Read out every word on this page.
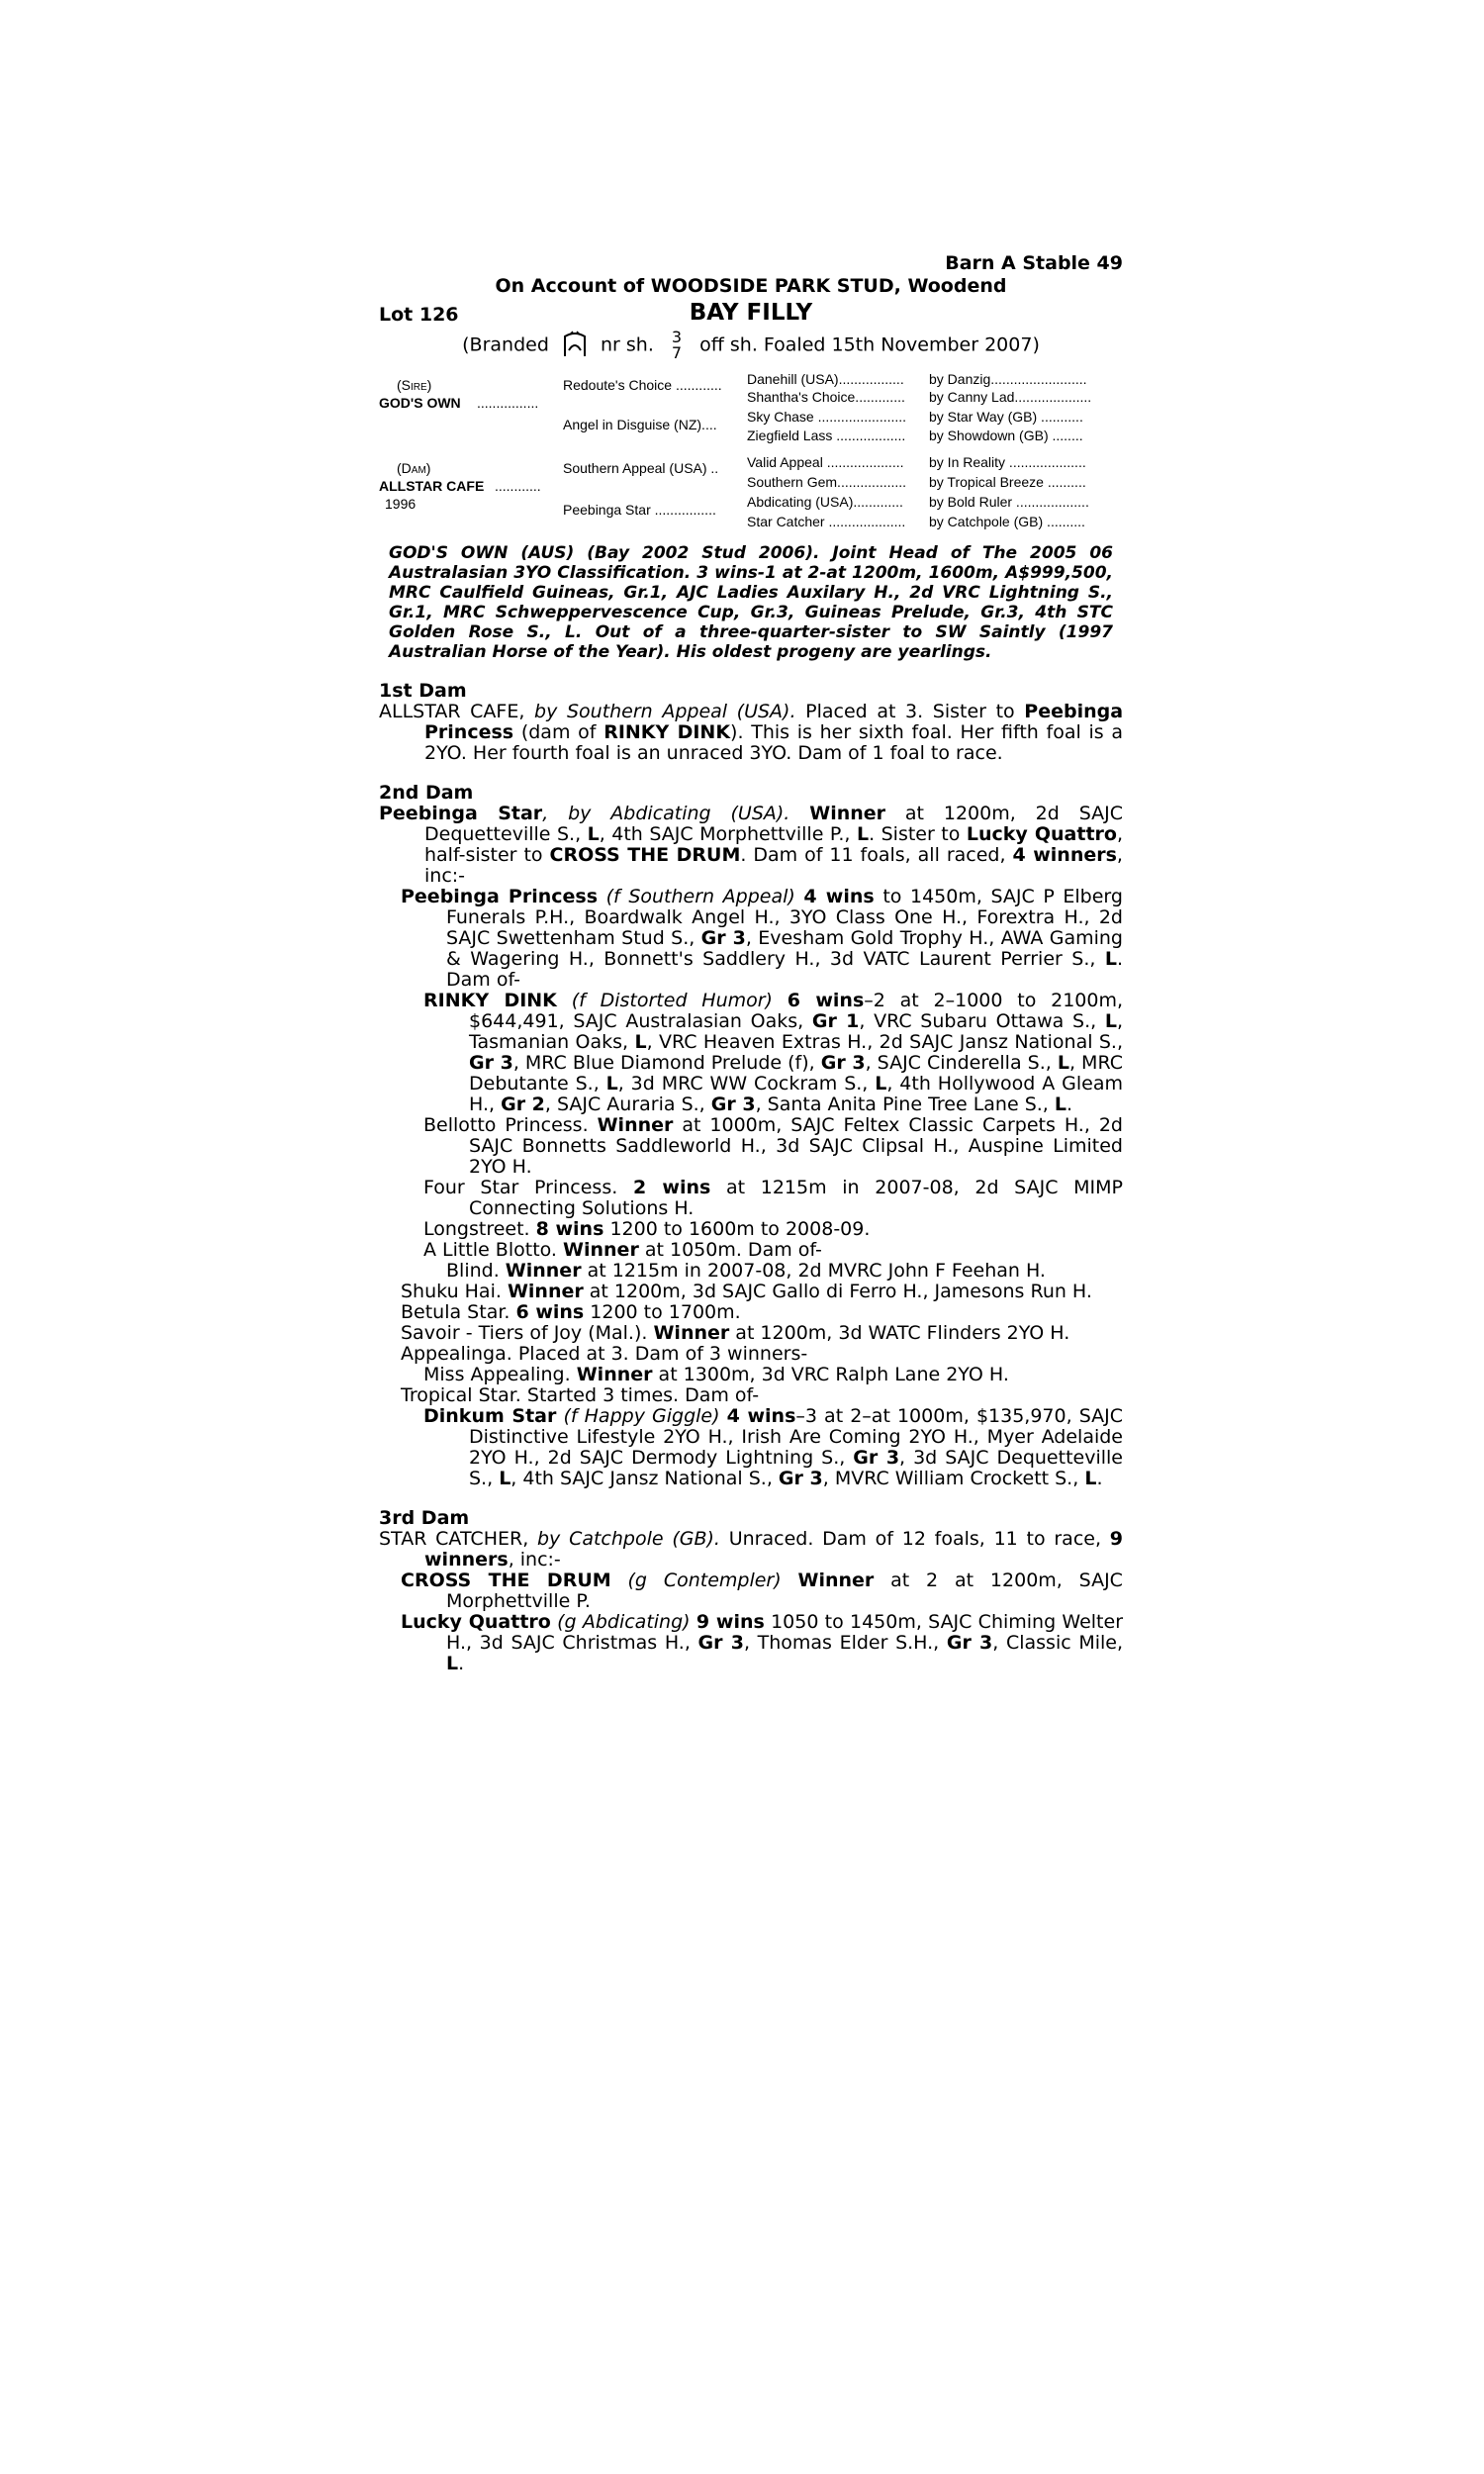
Barn A Stable 49
On Account of WOODSIDE PARK STUD, Woodend
Lot 126	BAY FILLY
(Branded	nr sh. 3
7 off sh. Foaled 15th November 2007)
(Sire)
GOD'S OWN ................
(Dam)
ALLSTAR CAFE ............
1996
Redoute's Choice ............
Angel in Disguise (NZ)....
Southern Appeal (USA) ..
Peebinga Star ................
Danehill (USA).................
Shantha's Choice.............
Sky Chase .......................
Ziegfield Lass ..................
Valid Appeal ....................
Southern Gem..................
Abdicating (USA).............
Star Catcher ....................
by Danzig.........................
by Canny Lad....................
by Star Way (GB) ...........
by Showdown (GB) ........
by In Reality ....................
by Tropical Breeze ..........
by Bold Ruler ...................
by Catchpole (GB) ..........
GOD'S OWN (AUS) (Bay 2002 Stud 2006). Joint Head of The 2005 06 Australasian 3YO Classification. 3 wins-1 at 2-at 1200m, 1600m, A$999,500, MRC Caulfield Guineas, Gr.1, AJC Ladies Auxilary H., 2d VRC Lightning S., Gr.1, MRC Schweppervescence Cup, Gr.3, Guineas Prelude, Gr.3, 4th STC Golden Rose S., L. Out of a three-quarter-sister to SW Saintly (1997 Australian Horse of the Year). His oldest progeny are yearlings.
1st Dam
ALLSTAR CAFE, by Southern Appeal (USA). Placed at 3. Sister to Peebinga Princess (dam of RINKY DINK). This is her sixth foal. Her fifth foal is a 2YO. Her fourth foal is an unraced 3YO. Dam of 1 foal to race.
2nd Dam
Peebinga Star, by Abdicating (USA). Winner at 1200m, 2d SAJC Dequetteville S., L, 4th SAJC Morphettville P., L. Sister to Lucky Quattro, half-sister to CROSS THE DRUM. Dam of 11 foals, all raced, 4 winners, inc:-
Peebinga Princess (f Southern Appeal) 4 wins to 1450m, SAJC P Elberg Funerals P.H., Boardwalk Angel H., 3YO Class One H., Forextra H., 2d SAJC Swettenham Stud S., Gr 3, Evesham Gold Trophy H., AWA Gaming & Wagering H., Bonnett's Saddlery H., 3d VATC Laurent Perrier S., L. Dam of-
RINKY DINK (f Distorted Humor) 6 wins–2 at 2–1000 to 2100m, $644,491, SAJC Australasian Oaks, Gr 1, VRC Subaru Ottawa S., L, Tasmanian Oaks, L, VRC Heaven Extras H., 2d SAJC Jansz National S., Gr 3, MRC Blue Diamond Prelude (f), Gr 3, SAJC Cinderella S., L, MRC Debutante S., L, 3d MRC WW Cockram S., L, 4th Hollywood A Gleam H., Gr 2, SAJC Auraria S., Gr 3, Santa Anita Pine Tree Lane S., L.
Bellotto Princess. Winner at 1000m, SAJC Feltex Classic Carpets H., 2d SAJC Bonnetts Saddleworld H., 3d SAJC Clipsal H., Auspine Limited 2YO H.
Four Star Princess. 2 wins at 1215m in 2007-08, 2d SAJC MIMP Connecting Solutions H.
Longstreet. 8 wins 1200 to 1600m to 2008-09.
A Little Blotto. Winner at 1050m. Dam of-
Blind. Winner at 1215m in 2007-08, 2d MVRC John F Feehan H.
Shuku Hai. Winner at 1200m, 3d SAJC Gallo di Ferro H., Jamesons Run H.
Betula Star. 6 wins 1200 to 1700m.
Savoir - Tiers of Joy (Mal.). Winner at 1200m, 3d WATC Flinders 2YO H.
Appealinga. Placed at 3. Dam of 3 winners-
Miss Appealing. Winner at 1300m, 3d VRC Ralph Lane 2YO H.
Tropical Star. Started 3 times. Dam of-
Dinkum Star (f Happy Giggle) 4 wins–3 at 2–at 1000m, $135,970, SAJC Distinctive Lifestyle 2YO H., Irish Are Coming 2YO H., Myer Adelaide 2YO H., 2d SAJC Dermody Lightning S., Gr 3, 3d SAJC Dequetteville S., L, 4th SAJC Jansz National S., Gr 3, MVRC William Crockett S., L.
3rd Dam
STAR CATCHER, by Catchpole (GB). Unraced. Dam of 12 foals, 11 to race, 9 winners, inc:-
CROSS THE DRUM (g Contempler) Winner at 2 at 1200m, SAJC Morphettville P.
Lucky Quattro (g Abdicating) 9 wins 1050 to 1450m, SAJC Chiming Welter H., 3d SAJC Christmas H., Gr 3, Thomas Elder S.H., Gr 3, Classic Mile, L.
